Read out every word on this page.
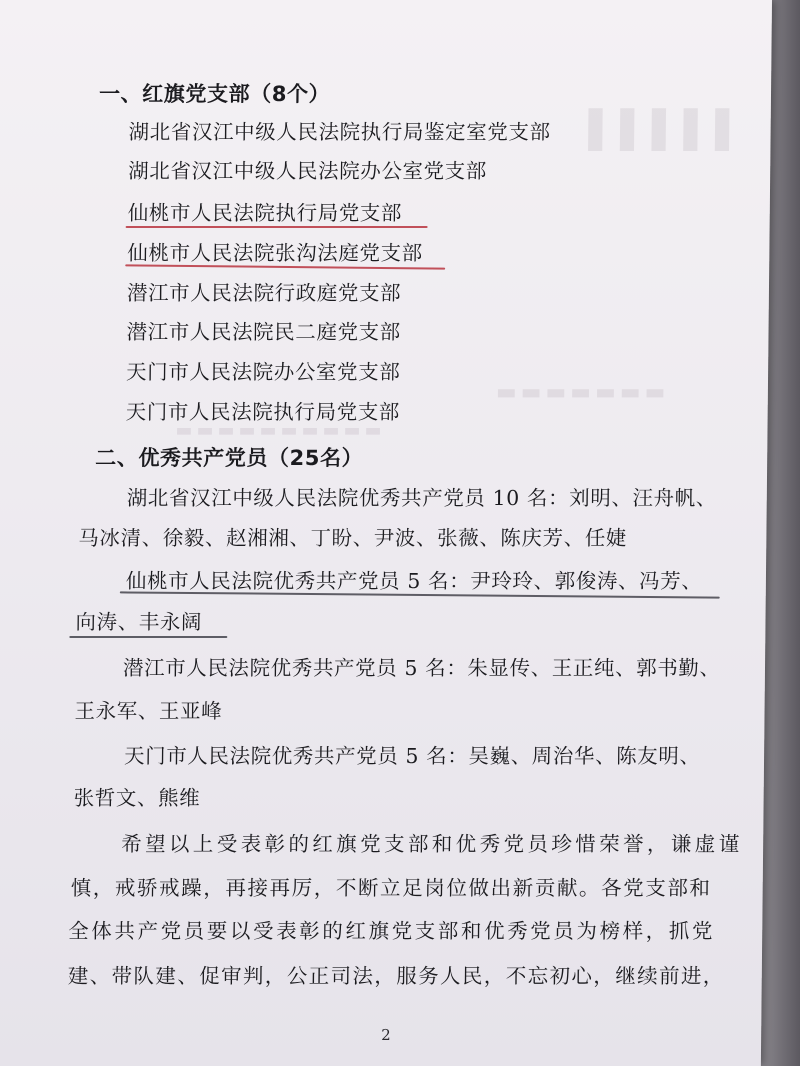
▌▌▌▌▌
▬▬▬▬▬▬▬
▬▬▬▬▬▬▬▬▬▬
一、红旗党支部（8个）
湖北省汉江中级人民法院执行局鉴定室党支部
湖北省汉江中级人民法院办公室党支部
仙桃市人民法院执行局党支部
仙桃市人民法院张沟法庭党支部
潜江市人民法院行政庭党支部
潜江市人民法院民二庭党支部
天门市人民法院办公室党支部
天门市人民法院执行局党支部
二、优秀共产党员（25名）
湖北省汉江中级人民法院优秀共产党员 10 名：刘明、汪舟帆、
马冰清、徐毅、赵湘湘、丁盼、尹波、张薇、陈庆芳、任婕
仙桃市人民法院优秀共产党员 5 名：尹玲玲、郭俊涛、冯芳、
向涛、丰永阔
潜江市人民法院优秀共产党员 5 名：朱显传、王正纯、郭书勤、
王永军、王亚峰
天门市人民法院优秀共产党员 5 名：吴巍、周治华、陈友明、
张哲文、熊维
希望以上受表彰的红旗党支部和优秀党员珍惜荣誉，谦虚谨
慎，戒骄戒躁，再接再厉，不断立足岗位做出新贡献。各党支部和
全体共产党员要以受表彰的红旗党支部和优秀党员为榜样，抓党
建、带队建、促审判，公正司法，服务人民，不忘初心，继续前进，
2
